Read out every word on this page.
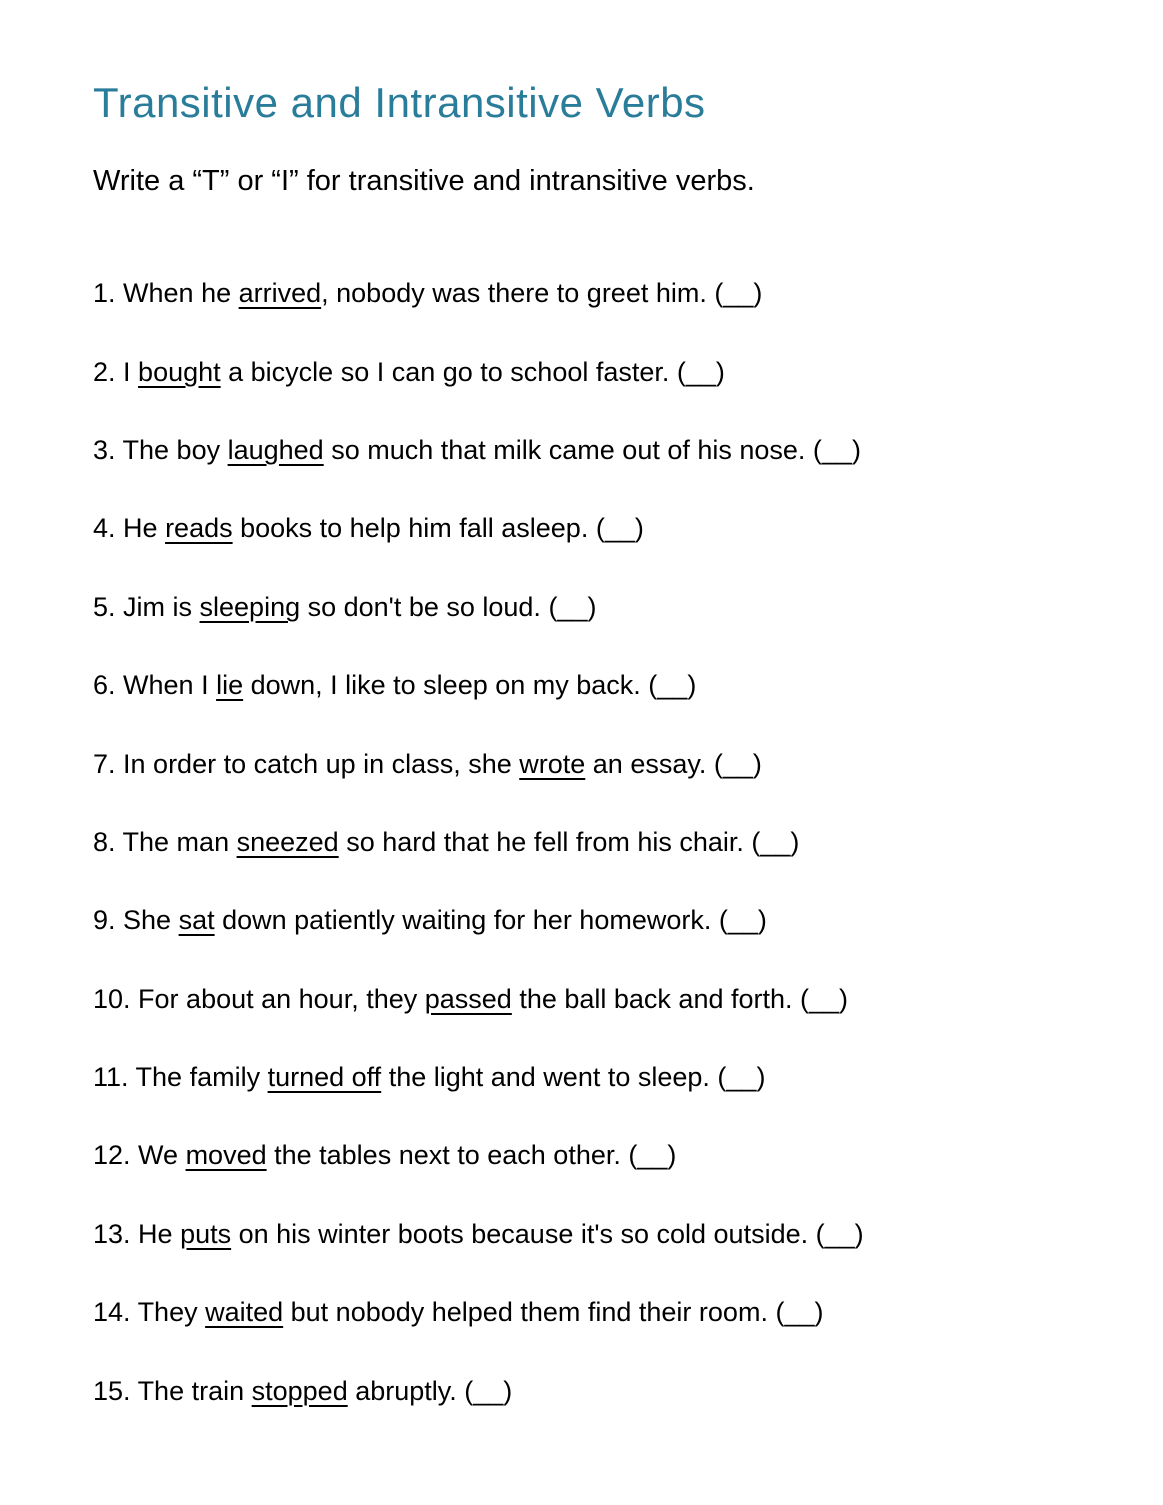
Transitive and Intransitive Verbs

Write a “T” or “I” for transitive and intransitive verbs.

1. When he arrived, nobody was there to greet him. (__)

2. I bought a bicycle so I can go to school faster. (__)

3. The boy laughed so much that milk came out of his nose. (__)

4. He reads books to help him fall asleep. (__)

5. Jim is sleeping so don't be so loud. (__)

6. When I lie down, I like to sleep on my back. (__)

7. In order to catch up in class, she wrote an essay. (__)

8. The man sneezed so hard that he fell from his chair. (__)

9. She sat down patiently waiting for her homework. (__)

10. For about an hour, they passed the ball back and forth. (__)

11. The family turned off the light and went to sleep. (__)

12. We moved the tables next to each other. (__)

13. He puts on his winter boots because it's so cold outside. (__)

14. They waited but nobody helped them find their room. (__)

15. The train stopped abruptly. (__)
